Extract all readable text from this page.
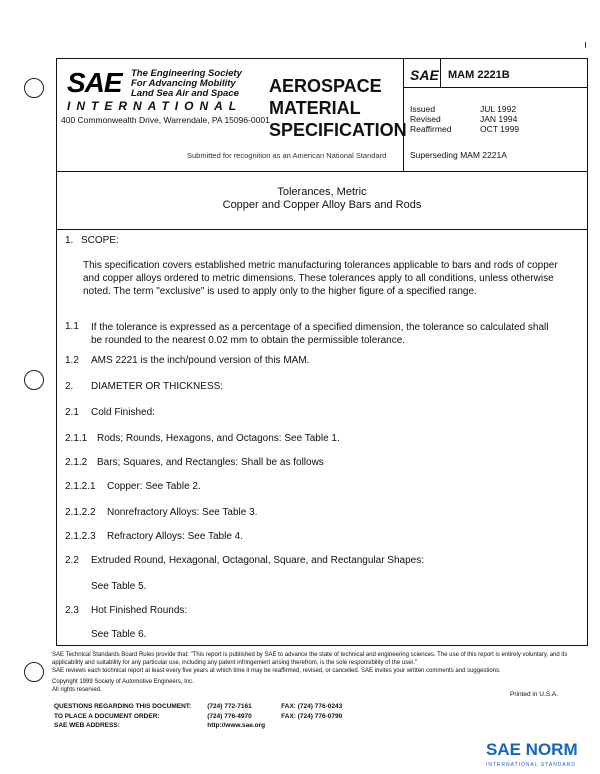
SAE The Engineering Society
For Advancing Mobility
Land Sea Air and Space
INTERNATIONAL
400 Commonwealth Drive, Warrendale, PA 15096-0001
AEROSPACE
MATERIAL
SPECIFICATION
Submitted for recognition as an American National Standard
SAE MAM 2221B
Issued	JUL 1992
Revised	JAN 1994
Reaffirmed	OCT 1999
Superseding MAM 2221A
Tolerances, Metric
Copper and Copper Alloy Bars and Rods
1. SCOPE:
This specification covers established metric manufacturing tolerances applicable to bars and rods of copper and copper alloys ordered to metric dimensions. These tolerances apply to all conditions, unless otherwise noted. The term "exclusive" is used to apply only to the higher figure of a specified range.
1.1 If the tolerance is expressed as a percentage of a specified dimension, the tolerance so calculated shall be rounded to the nearest 0.02 mm to obtain the permissible tolerance.
1.2 AMS 2221 is the inch/pound version of this MAM.
2. DIAMETER OR THICKNESS:
2.1 Cold Finished:
2.1.1 Rods; Rounds, Hexagons, and Octagons: See Table 1.
2.1.2 Bars; Squares, and Rectangles: Shall be as follows
2.1.2.1 Copper: See Table 2.
2.1.2.2 Nonrefractory Alloys: See Table 3.
2.1.2.3 Refractory Alloys: See Table 4.
2.2 Extruded Round, Hexagonal, Octagonal, Square, and Rectangular Shapes:
See Table 5.
2.3 Hot Finished Rounds:
See Table 6.
SAE Technical Standards Board Rules provide that: "This report is published by SAE to advance the state of technical and engineering sciences. The use of this report is entirely voluntary, and its applicability and suitability for any particular use, including any patent infringement arising therefrom, is the sole responsibility of the user."
SAE reviews each technical report at least every five years at which time it may be reaffirmed, revised, or cancelled. SAE invites your written comments and suggestions.
Copyright 1999 Society of Automotive Engineers, Inc.
All rights reserved.
Printed in U.S.A.
QUESTIONS REGARDING THIS DOCUMENT:	(724) 772-7161	FAX: (724) 776-0243
TO PLACE A DOCUMENT ORDER:	(724) 776-4970	FAX: (724) 776-0790
SAE WEB ADDRESS:	http://www.sae.org	
SAE NORM
INTERNATIONAL STANDARD
